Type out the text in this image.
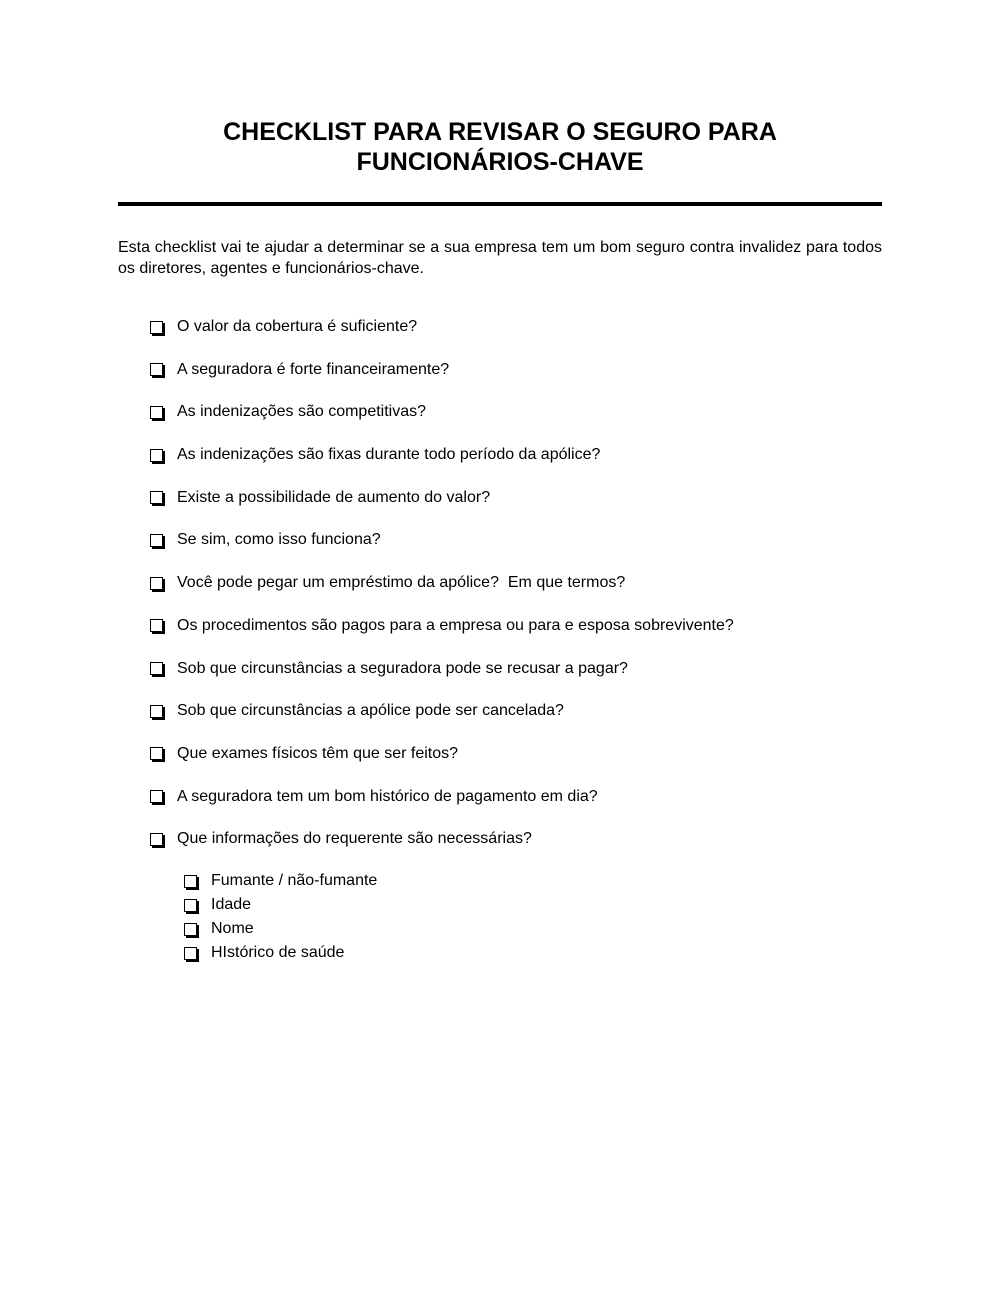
CHECKLIST PARA REVISAR O SEGURO PARA
FUNCIONÁRIOS-CHAVE

Esta checklist vai te ajudar a determinar se a sua empresa tem um bom seguro contra invalidez para todos os diretores, agentes e funcionários-chave.

O valor da cobertura é suficiente?
A seguradora é forte financeiramente?
As indenizações são competitivas?
As indenizações são fixas durante todo período da apólice?
Existe a possibilidade de aumento do valor?
Se sim, como isso funciona?
Você pode pegar um empréstimo da apólice?  Em que termos?
Os procedimentos são pagos para a empresa ou para e esposa sobrevivente?
Sob que circunstâncias a seguradora pode se recusar a pagar?
Sob que circunstâncias a apólice pode ser cancelada?
Que exames físicos têm que ser feitos?
A seguradora tem um bom histórico de pagamento em dia?
Que informações do requerente são necessárias?
Fumante / não-fumante
Idade
Nome
HIstórico de saúde
